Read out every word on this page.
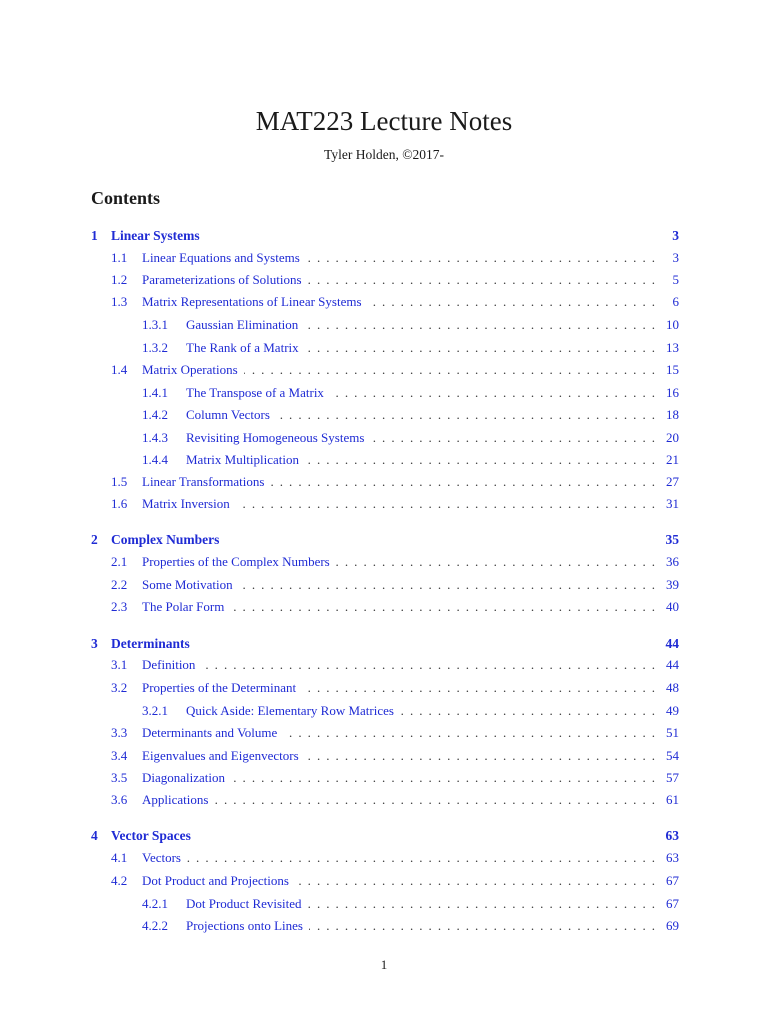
MAT223 Lecture Notes
Tyler Holden, ©2017-
Contents
1 Linear Systems	3
1.1	Linear Equations and Systems . . .	3
1.2	Parameterizations of Solutions . . .	5
1.3	Matrix Representations of Linear Systems . . .	6
1.3.1	Gaussian Elimination . . .	10
1.3.2	The Rank of a Matrix . . .	13
1.4	Matrix Operations . . .	15
1.4.1	The Transpose of a Matrix . . .	16
1.4.2	Column Vectors . . .	18
1.4.3	Revisiting Homogeneous Systems . . .	20
1.4.4	Matrix Multiplication . . .	21
1.5	Linear Transformations . . .	27
1.6	Matrix Inversion . . .	31
2 Complex Numbers	35
2.1	Properties of the Complex Numbers . . .	36
2.2	Some Motivation . . .	39
2.3	The Polar Form . . .	40
3 Determinants	44
3.1	Definition . . .	44
3.2	Properties of the Determinant . . .	48
3.2.1	Quick Aside: Elementary Row Matrices . . .	49
3.3	Determinants and Volume . . .	51
3.4	Eigenvalues and Eigenvectors . . .	54
3.5	Diagonalization . . .	57
3.6	Applications . . .	61
4 Vector Spaces	63
4.1	Vectors . . .	63
4.2	Dot Product and Projections . . .	67
4.2.1	Dot Product Revisited . . .	67
4.2.2	Projections onto Lines . . .	69
1
